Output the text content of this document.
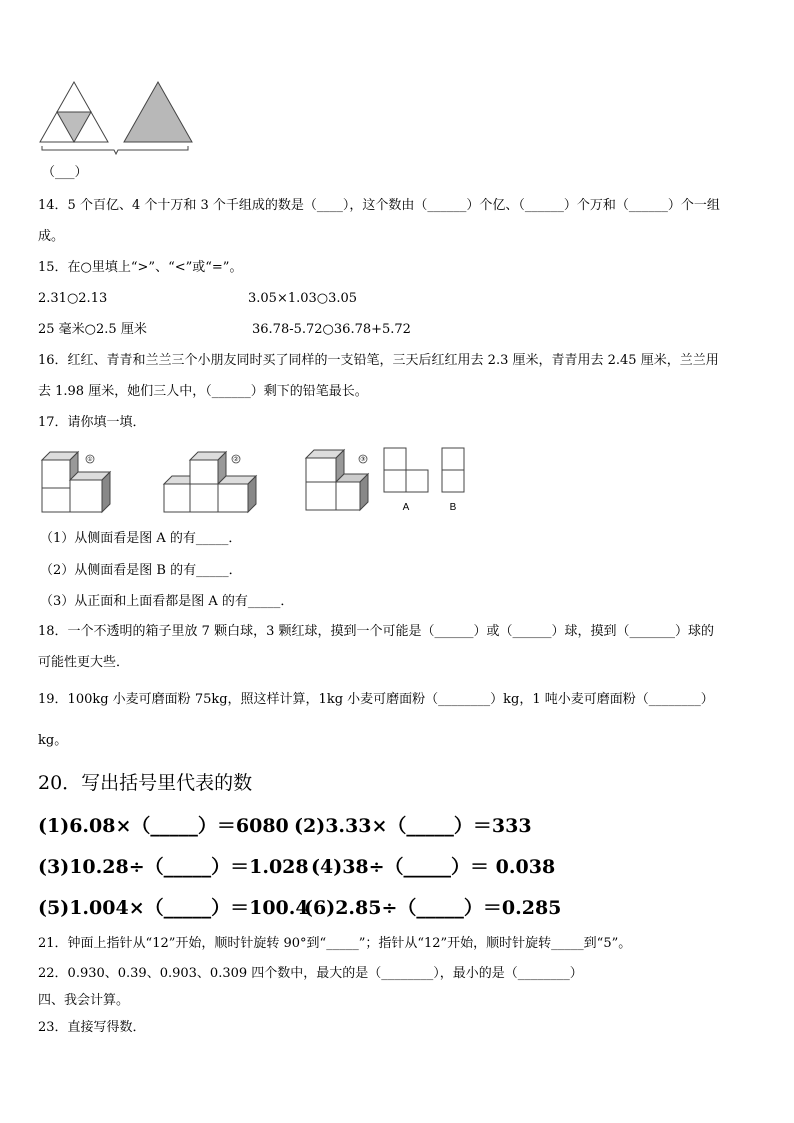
（___）
14．5 个百亿、4 个十万和 3 个千组成的数是（____），这个数由（______）个亿、（______）个万和（______）个一组
成。
15．在○里填上“>”、“<”或“=”。
2.31○2.13	3.05×1.03○3.05
25 毫米○2.5 厘米	36.78-5.72○36.78+5.72
16．红红、青青和兰兰三个小朋友同时买了同样的一支铅笔，三天后红红用去 2.3 厘米，青青用去 2.45 厘米，兰兰用
去 1.98 厘米，她们三人中，（______）剩下的铅笔最长。
17．请你填一填．
①	②	③
A	B
（1）从侧面看是图 A 的有_____．
（2）从侧面看是图 B 的有_____．
（3）从正面和上面看都是图 A 的有_____．
18．一个不透明的箱子里放 7 颗白球，3 颗红球，摸到一个可能是（______）或（______）球，摸到（_______）球的
可能性更大些．
19．100kg 小麦可磨面粉 75kg，照这样计算，1kg 小麦可磨面粉（________）kg，1 吨小麦可磨面粉（________）
kg。
20．写出括号里代表的数
(1)6.08×（_____）＝6080 (2)3.33×（_____）＝333
(3)10.28÷（_____）＝1.028 (4)38÷（_____）＝ 0.038
(5)1.004×（_____）＝100.4
(6)2.85÷（_____）＝0.285
21．钟面上指针从“12”开始，顺时针旋转 90°到“_____”；指针从“12”开始，顺时针旋转_____到“5”。
22．0.930、0.39、0.903、0.309 四个数中，最大的是（________），最小的是（________）
四、我会计算。
23．直接写得数．
